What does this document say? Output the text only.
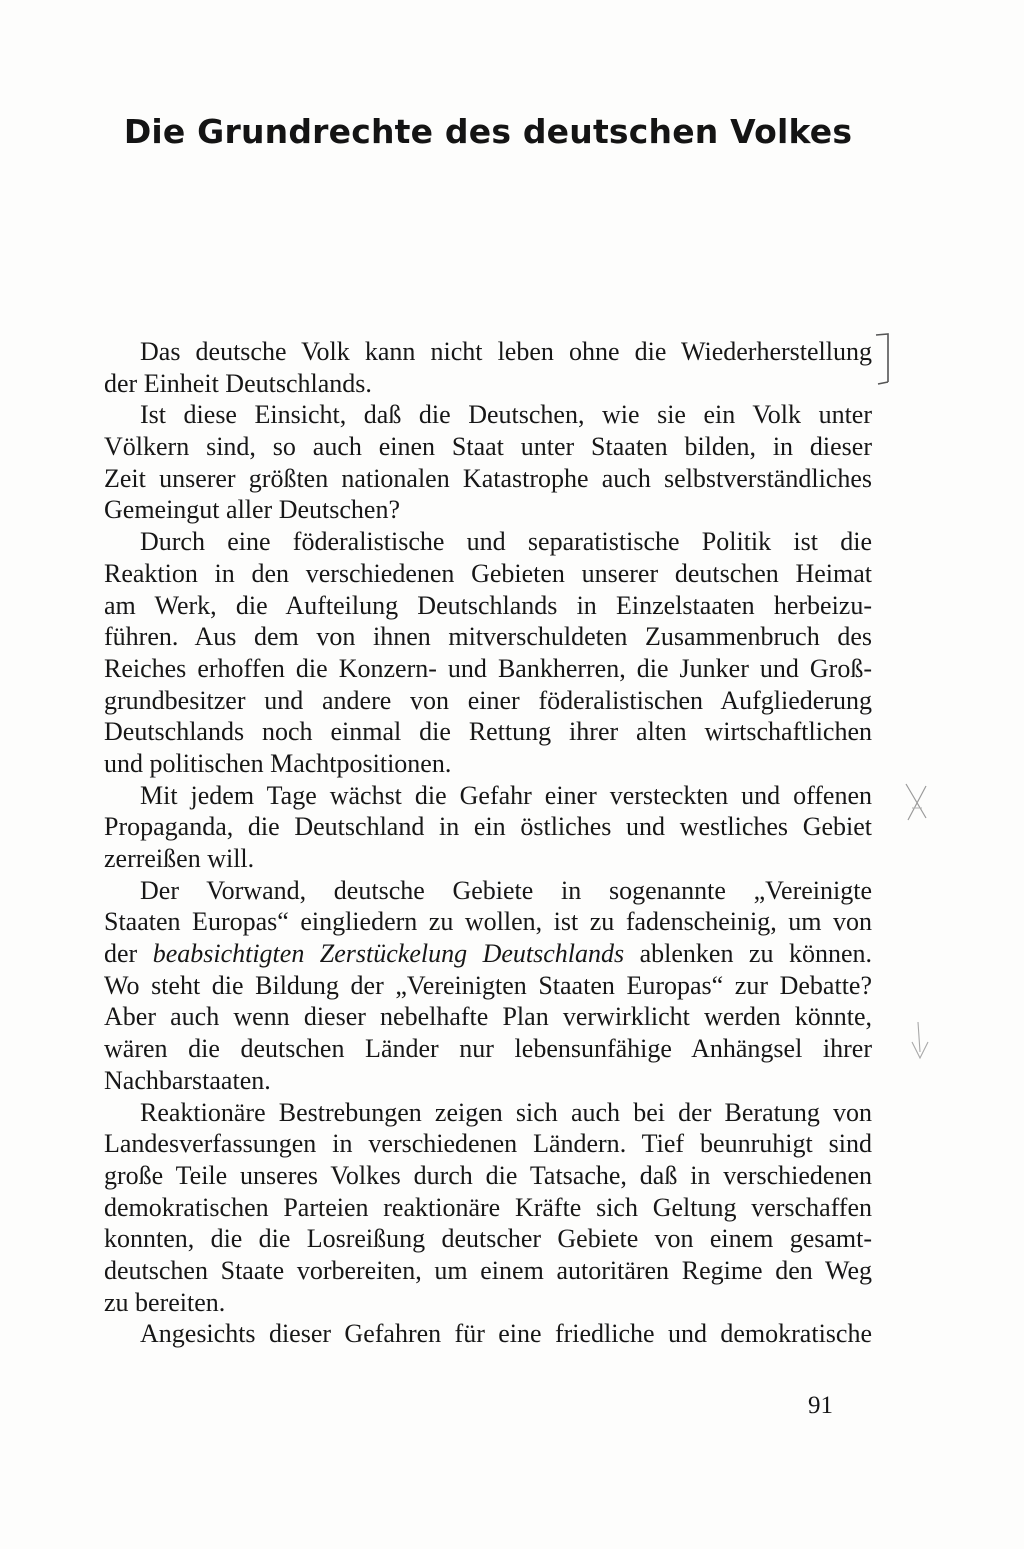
Die Grundrechte des deutschen Volkes
Das deutsche Volk kann nicht leben ohne die Wiederherstellung
der Einheit Deutschlands.
Ist diese Einsicht, daß die Deutschen, wie sie ein Volk unter
Völkern sind, so auch einen Staat unter Staaten bilden, in dieser
Zeit unserer größten nationalen Katastrophe auch selbstverständliches
Gemeingut aller Deutschen?
Durch eine föderalistische und separatistische Politik ist die
Reaktion in den verschiedenen Gebieten unserer deutschen Heimat
am Werk, die Aufteilung Deutschlands in Einzelstaaten herbeizu-
führen. Aus dem von ihnen mitverschuldeten Zusammenbruch des
Reiches erhoffen die Konzern- und Bankherren, die Junker und Groß-
grundbesitzer und andere von einer föderalistischen Aufgliederung
Deutschlands noch einmal die Rettung ihrer alten wirtschaftlichen
und politischen Machtpositionen.
Mit jedem Tage wächst die Gefahr einer versteckten und offenen
Propaganda, die Deutschland in ein östliches und westliches Gebiet
zerreißen will.
Der Vorwand, deutsche Gebiete in sogenannte „Vereinigte
Staaten Europas“ eingliedern zu wollen, ist zu fadenscheinig, um von
der beabsichtigten Zerstückelung Deutschlands ablenken zu können.
Wo steht die Bildung der „Vereinigten Staaten Europas“ zur Debatte?
Aber auch wenn dieser nebelhafte Plan verwirklicht werden könnte,
wären die deutschen Länder nur lebensunfähige Anhängsel ihrer
Nachbarstaaten.
Reaktionäre Bestrebungen zeigen sich auch bei der Beratung von
Landesverfassungen in verschiedenen Ländern. Tief beunruhigt sind
große Teile unseres Volkes durch die Tatsache, daß in verschiedenen
demokratischen Parteien reaktionäre Kräfte sich Geltung verschaffen
konnten, die die Losreißung deutscher Gebiete von einem gesamt-
deutschen Staate vorbereiten, um einem autoritären Regime den Weg
zu bereiten.
Angesichts dieser Gefahren für eine friedliche und demokratische

91
